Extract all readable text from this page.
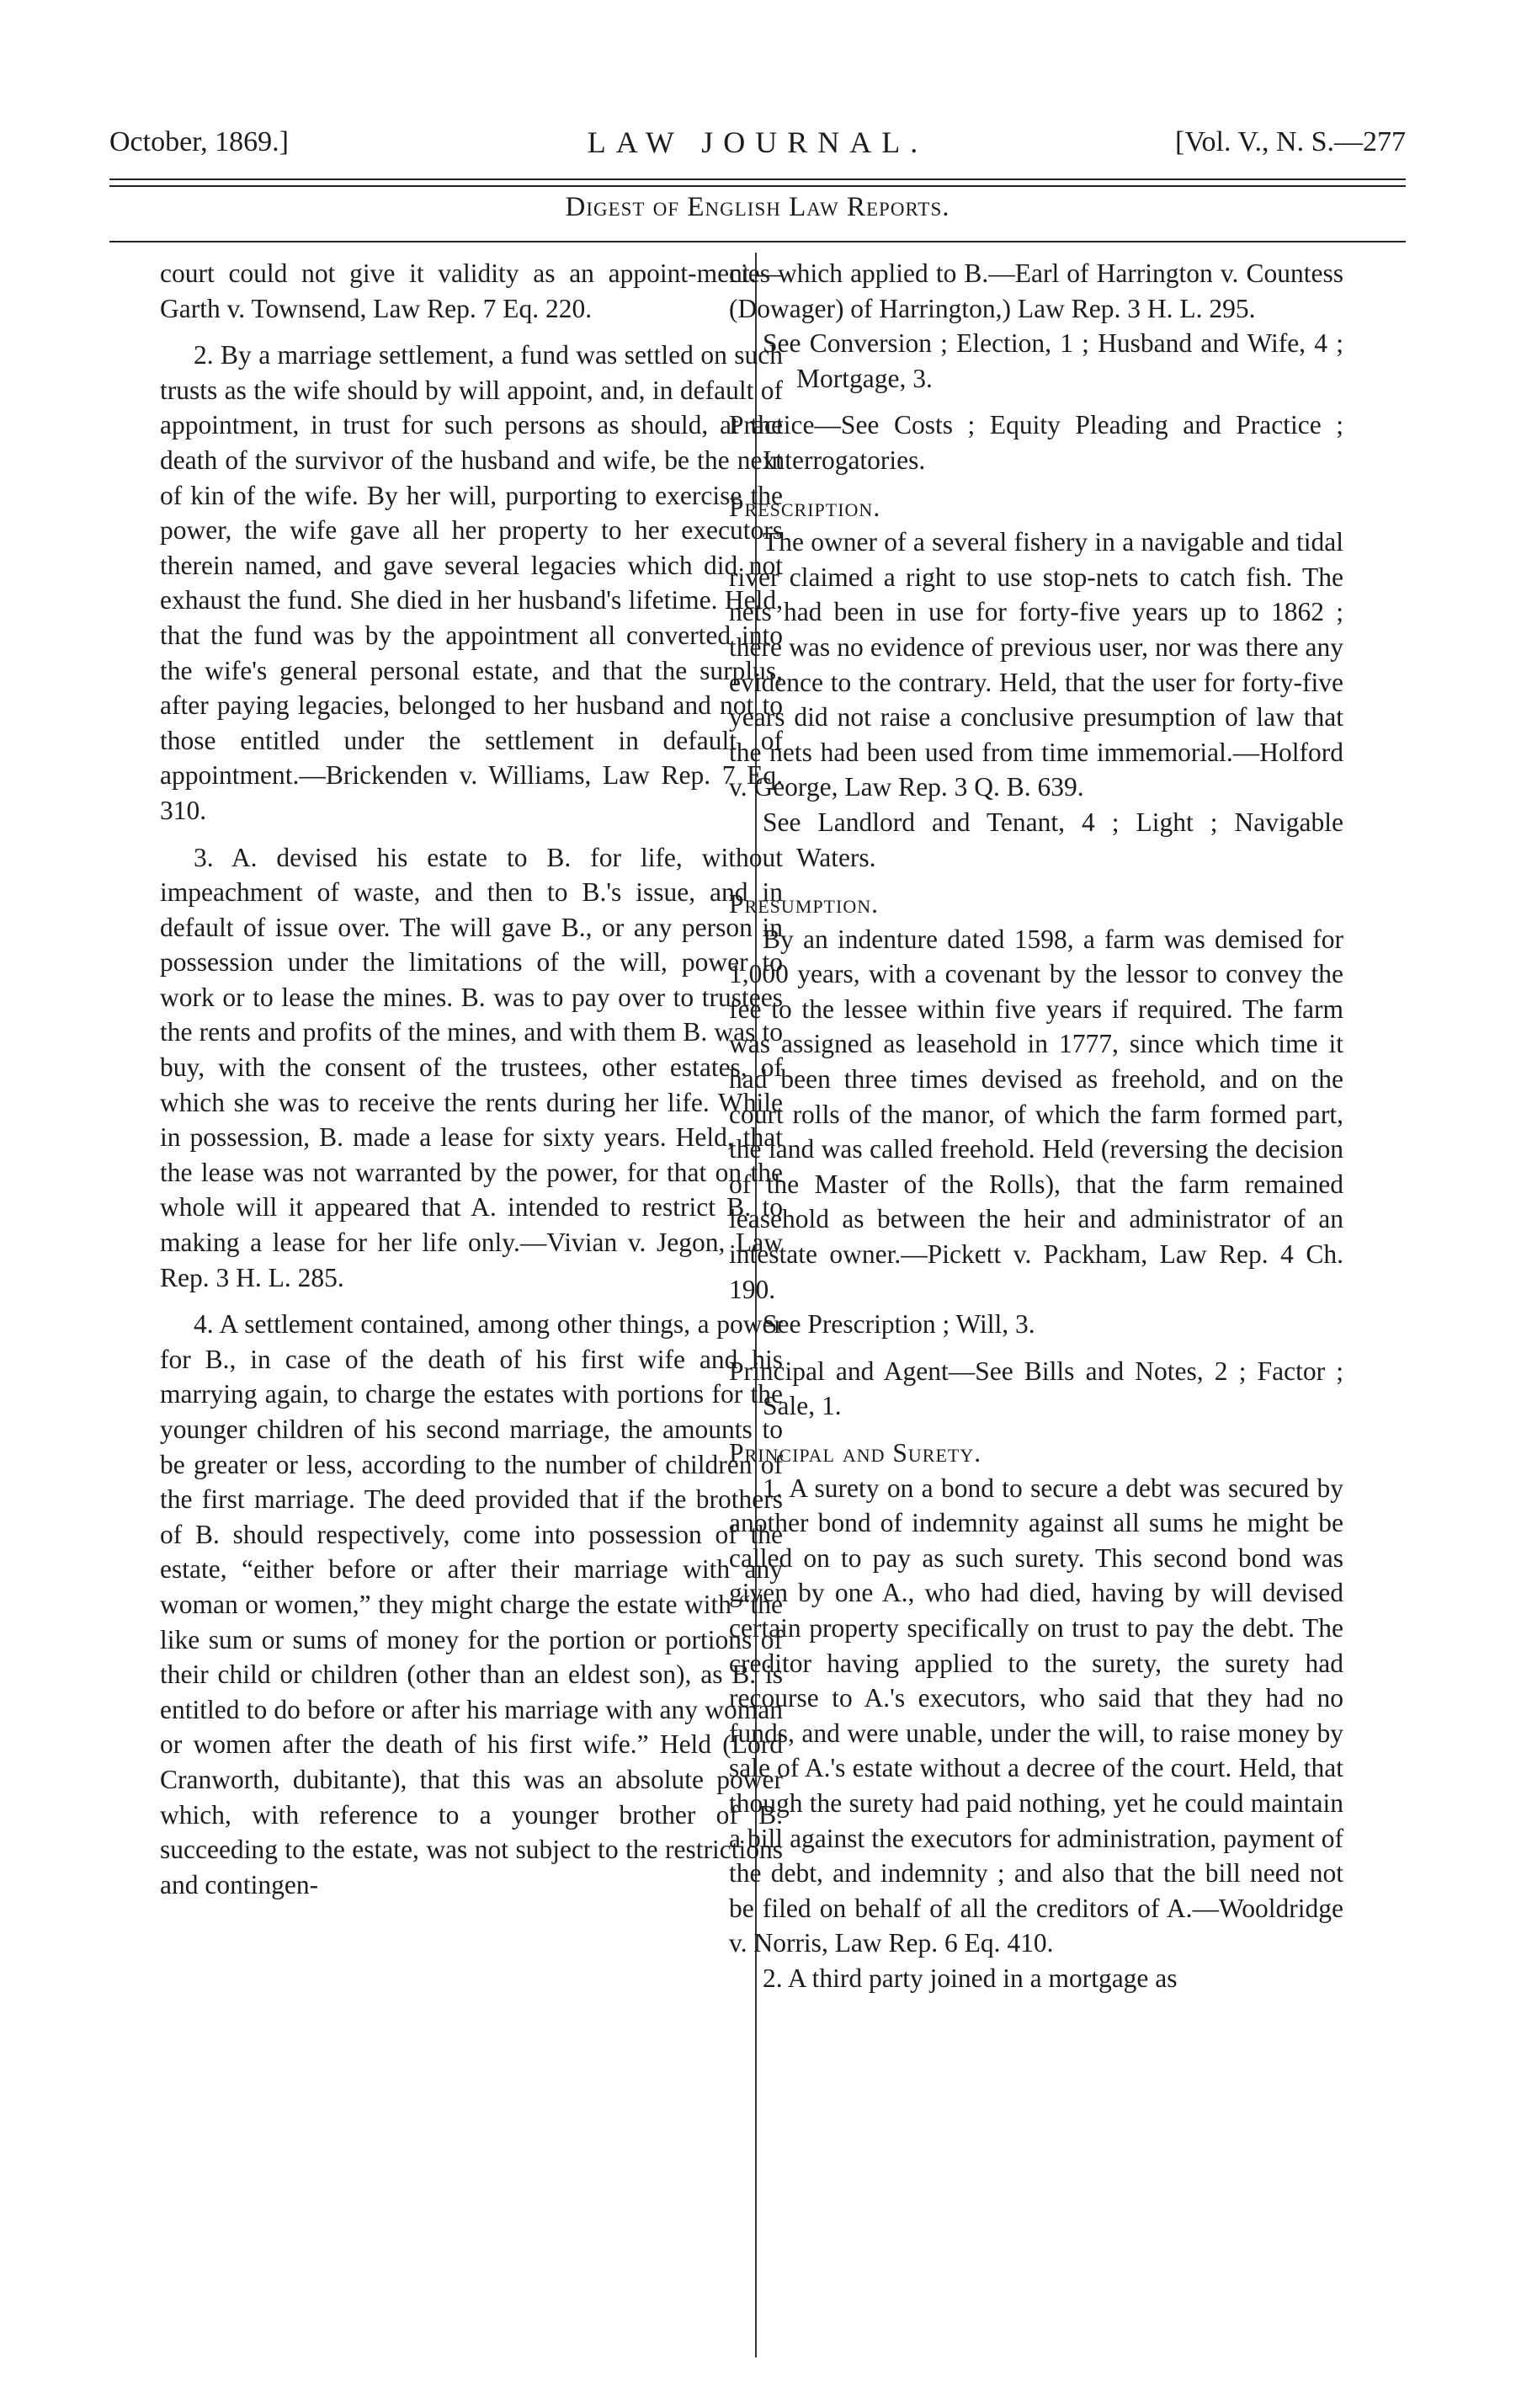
October, 1869.]	LAW JOURNAL.	[Vol. V., N. S.—277
Digest of English Law Reports.

court could not give it validity as an appoint-ment.—Garth v. Townsend, Law Rep. 7 Eq. 220.

2. By a marriage settlement, a fund was settled on such trusts as the wife should by will appoint, and, in default of appointment, in trust for such persons as should, at the death of the survivor of the husband and wife, be the next of kin of the wife. By her will, purporting to exercise the power, the wife gave all her property to her executors therein named, and gave several legacies which did not exhaust the fund. She died in her husband's lifetime. Held, that the fund was by the appointment all converted into the wife's general personal estate, and that the surplus, after paying legacies, belonged to her husband and not to those entitled under the settlement in default of appointment.—Brickenden v. Williams, Law Rep. 7 Eq. 310.

3. A. devised his estate to B. for life, without impeachment of waste, and then to B.'s issue, and in default of issue over. The will gave B., or any person in possession under the limitations of the will, power to work or to lease the mines. B. was to pay over to trustees the rents and profits of the mines, and with them B. was to buy, with the consent of the trustees, other estates, of which she was to receive the rents during her life. While in possession, B. made a lease for sixty years. Held, that the lease was not warranted by the power, for that on the whole will it appeared that A. intended to restrict B. to making a lease for her life only.—Vivian v. Jegon, Law Rep. 3 H. L. 285.

4. A settlement contained, among other things, a power for B., in case of the death of his first wife and his marrying again, to charge the estates with portions for the younger children of his second marriage, the amounts to be greater or less, according to the number of children of the first marriage. The deed provided that if the brothers of B. should respectively, come into possession of the estate, “either before or after their marriage with any woman or women,” they might charge the estate with “the like sum or sums of money for the portion or portions of their child or children (other than an eldest son), as B. is entitled to do before or after his marriage with any woman or women after the death of his first wife.” Held (Lord Cranworth, dubitante), that this was an absolute power which, with reference to a younger brother of B. succeeding to the estate, was not subject to the restrictions and contingen-

cies which applied to B.—Earl of Harrington v. Countess (Dowager) of Harrington,) Law Rep. 3 H. L. 295.

See Conversion ; Election, 1 ; Husband and Wife, 4 ; Mortgage, 3.

Practice—See Costs ; Equity Pleading and Practice ; Interrogatories.

Prescription.

The owner of a several fishery in a navigable and tidal river claimed a right to use stop-nets to catch fish. The nets had been in use for forty-five years up to 1862 ; there was no evidence of previous user, nor was there any evidence to the contrary. Held, that the user for forty-five years did not raise a conclusive presumption of law that the nets had been used from time immemorial.—Holford v. George, Law Rep. 3 Q. B. 639.

See Landlord and Tenant, 4 ; Light ; Navigable Waters.

Presumption.

By an indenture dated 1598, a farm was demised for 1,000 years, with a covenant by the lessor to convey the fee to the lessee within five years if required. The farm was assigned as leasehold in 1777, since which time it had been three times devised as freehold, and on the court rolls of the manor, of which the farm formed part, the land was called freehold. Held (reversing the decision of the Master of the Rolls), that the farm remained leasehold as between the heir and administrator of an intestate owner.—Pickett v. Packham, Law Rep. 4 Ch. 190.

See Prescription ; Will, 3.

Principal and Agent—See Bills and Notes, 2 ; Factor ; Sale, 1.

Principal and Surety.

1. A surety on a bond to secure a debt was secured by another bond of indemnity against all sums he might be called on to pay as such surety. This second bond was given by one A., who had died, having by will devised certain property specifically on trust to pay the debt. The creditor having applied to the surety, the surety had recourse to A.'s executors, who said that they had no funds, and were unable, under the will, to raise money by sale of A.'s estate without a decree of the court. Held, that though the surety had paid nothing, yet he could maintain a bill against the executors for administration, payment of the debt, and indemnity ; and also that the bill need not be filed on behalf of all the creditors of A.—Wooldridge v. Norris, Law Rep. 6 Eq. 410.

2. A third party joined in a mortgage as
